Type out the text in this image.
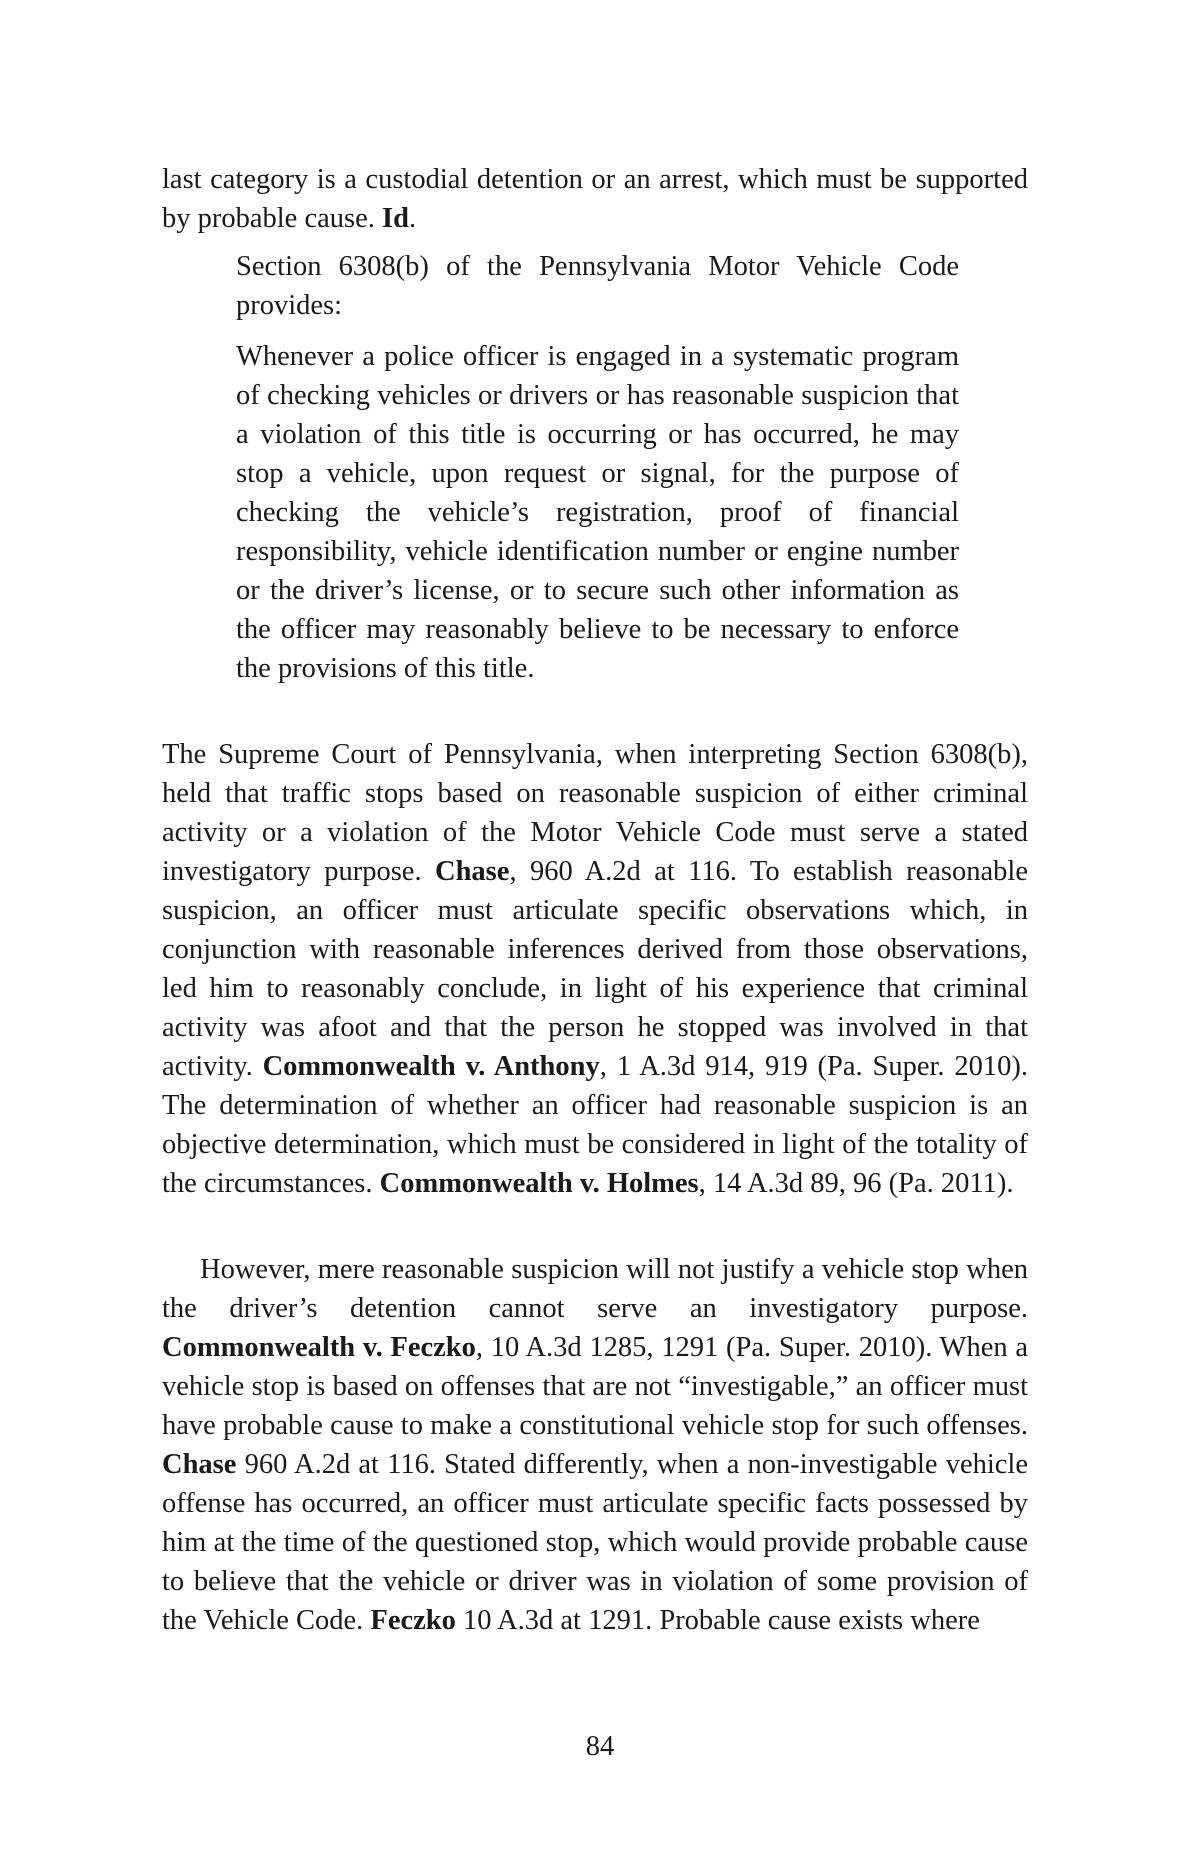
last category is a custodial detention or an arrest, which must be supported by probable cause. Id.

Section 6308(b) of the Pennsylvania Motor Vehicle Code provides:

Whenever a police officer is engaged in a systematic program of checking vehicles or drivers or has reasonable suspicion that a violation of this title is occurring or has occurred, he may stop a vehicle, upon request or signal, for the purpose of checking the vehicle’s registration, proof of financial responsibility, vehicle identification number or engine number or the driver’s license, or to secure such other information as the officer may reasonably believe to be necessary to enforce the provisions of this title.

The Supreme Court of Pennsylvania, when interpreting Section 6308(b), held that traffic stops based on reasonable suspicion of either criminal activity or a violation of the Motor Vehicle Code must serve a stated investigatory purpose. Chase, 960 A.2d at 116. To establish reasonable suspicion, an officer must articulate specific observations which, in conjunction with reasonable inferences derived from those observations, led him to reasonably conclude, in light of his experience that criminal activity was afoot and that the person he stopped was involved in that activity. Commonwealth v. Anthony, 1 A.3d 914, 919 (Pa. Super. 2010). The determination of whether an officer had reasonable suspicion is an objective determination, which must be considered in light of the totality of the circumstances. Commonwealth v. Holmes, 14 A.3d 89, 96 (Pa. 2011).

However, mere reasonable suspicion will not justify a vehicle stop when the driver’s detention cannot serve an investigatory purpose. Commonwealth v. Feczko, 10 A.3d 1285, 1291 (Pa. Super. 2010). When a vehicle stop is based on offenses that are not “investigable,” an officer must have probable cause to make a constitutional vehicle stop for such offenses. Chase 960 A.2d at 116. Stated differently, when a non-investigable vehicle offense has occurred, an officer must articulate specific facts possessed by him at the time of the questioned stop, which would provide probable cause to believe that the vehicle or driver was in violation of some provision of the Vehicle Code. Feczko 10 A.3d at 1291. Probable cause exists where

84
